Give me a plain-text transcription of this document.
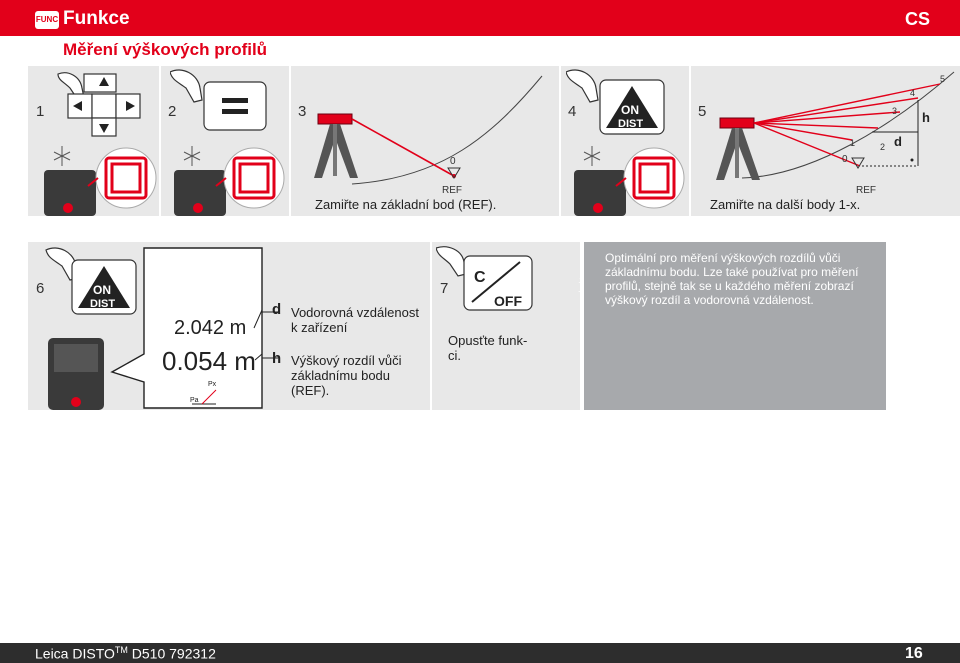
FUNC Funkce	CS
Měření výškových profilů
1	2	3	4	5
0
REF
Zamiřte na základní bod (REF).
ON
DIST
0
REF
1	2
3
4
5
d
h
Zamiřte na další body 1-x.
6	7
ON
DIST
2.042 m
0.054 m
Pa
Px
d Vodorovná vzdálenost
k zařízení
h Výškový rozdíl vůči
základnímu bodu
(REF).
C
OFF
Opusťte funk-
ci.
i
Optimální pro měření výškových rozdílů vůči
základnímu bodu. Lze také používat pro měření
profilů, stejně tak se u každého měření zobrazí
výškový rozdíl a vodorovná vzdálenost.
Leica DISTO™ D510 792312	16
